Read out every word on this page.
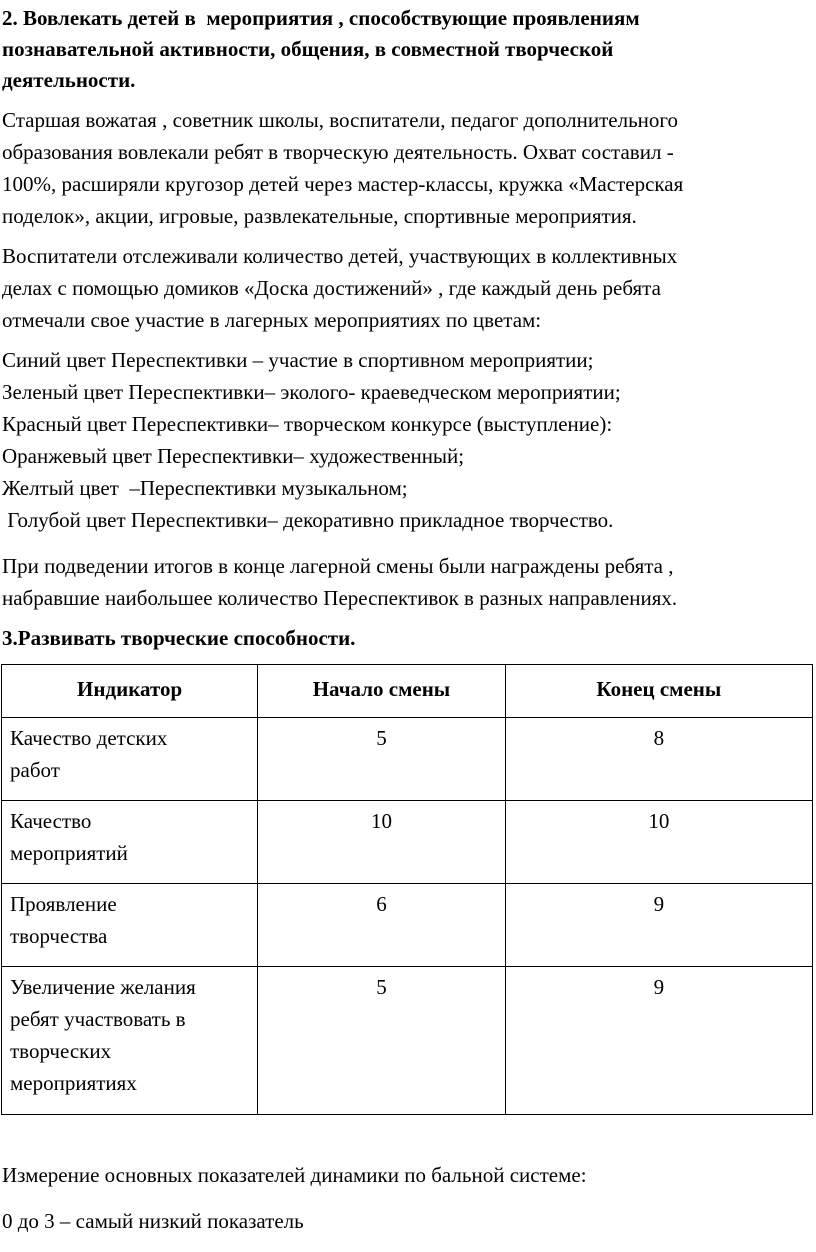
2. Вовлекать детей в  мероприятия , способствующие проявлениям
познавательной активности, общения, в совместной творческой
деятельности.

Старшая вожатая , советник школы, воспитатели, педагог дополнительного
образования вовлекали ребят в творческую деятельность. Охват составил -
100%, расширяли кругозор детей через мастер-классы, кружка «Мастерская
поделок», акции, игровые, развлекательные, спортивные мероприятия.

Воспитатели отслеживали количество детей, участвующих в коллективных
делах с помощью домиков «Доска достижений» , где каждый день ребята
отмечали свое участие в лагерных мероприятиях по цветам:

Синий цвет Переспективки – участие в спортивном мероприятии;
Зеленый цвет Переспективки– эколого- краеведческом мероприятии;
Красный цвет Переспективки– творческом конкурсе (выступление):
Оранжевый цвет Переспективки– художественный;
Желтый цвет  –Переспективки музыкальном;
Голубой цвет Переспективки– декоративно прикладное творчество.

При подведении итогов в конце лагерной смены были награждены ребята ,
набравшие наибольшее количество Переспективок в разных направлениях.

3.Развивать творческие способности.
Индикатор	Начало смены	Конец смены

Качество детских
работ	5	8

Качество
мероприятий	10	10

Проявление
творчества	6	9

Увеличение желания
ребят участвовать в
творческих
мероприятиях	5	9

Измерение основных показателей динамики по бальной системе:

0 до 3 – самый низкий показатель
